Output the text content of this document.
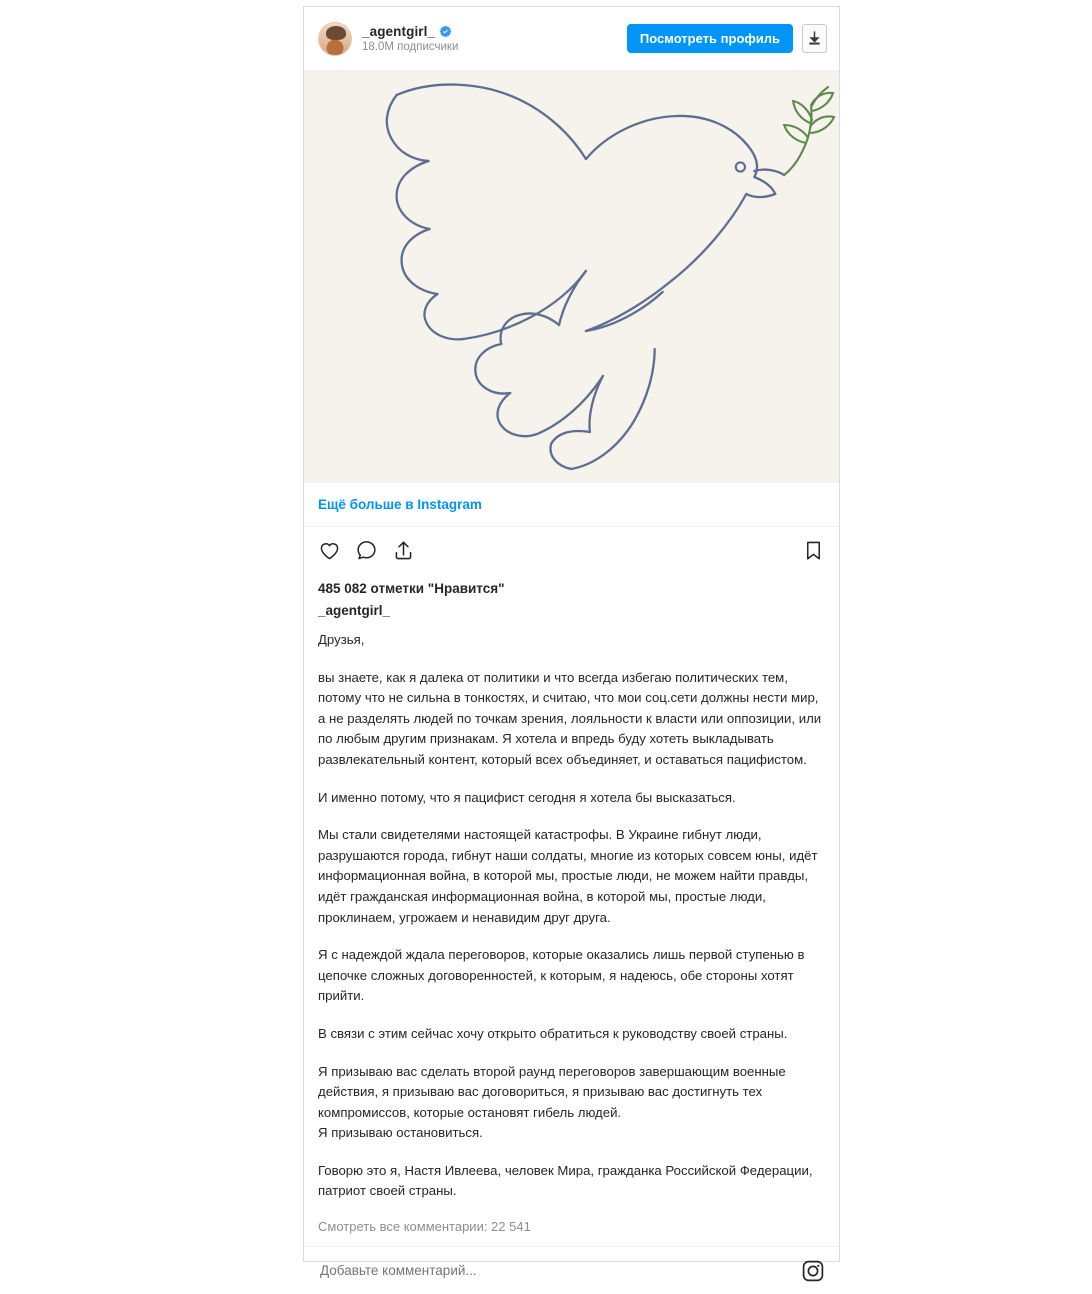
_agentgirl_
18.0M подписчики
Посмотреть профиль
Ещё больше в Instagram
485 082 отметки "Нравится"
_agentgirl_

Друзья,

вы знаете, как я далека от политики и что всегда избегаю политических тем, потому что не сильна в тонкостях, и считаю, что мои соц.сети должны нести мир, а не разделять людей по точкам зрения, лояльности к власти или оппозиции, или по любым другим признакам. Я хотела и впредь буду хотеть выкладывать развлекательный контент, который всех объединяет, и оставаться пацифистом.

И именно потому, что я пацифист сегодня я хотела бы высказаться.

Мы стали свидетелями настоящей катастрофы. В Украине гибнут люди, разрушаются города, гибнут наши солдаты, многие из которых совсем юны, идёт информационная война, в которой мы, простые люди, не можем найти правды, идёт гражданская информационная война, в которой мы, простые люди, проклинаем, угрожаем и ненавидим друг друга.

Я с надеждой ждала переговоров, которые оказались лишь первой ступенью в цепочке сложных договоренностей, к которым, я надеюсь, обе стороны хотят прийти.

В связи с этим сейчас хочу открыто обратиться к руководству своей страны.

Я призываю вас сделать второй раунд переговоров завершающим военные действия, я призываю вас договориться, я призываю вас достигнуть тех компромиссов, которые остановят гибель людей.

Я призываю остановиться.

Говорю это я, Настя Ивлеева, человек Мира, гражданка Российской Федерации, патриот своей страны.

Смотреть все комментарии: 22 541
Добавьте комментарий...
